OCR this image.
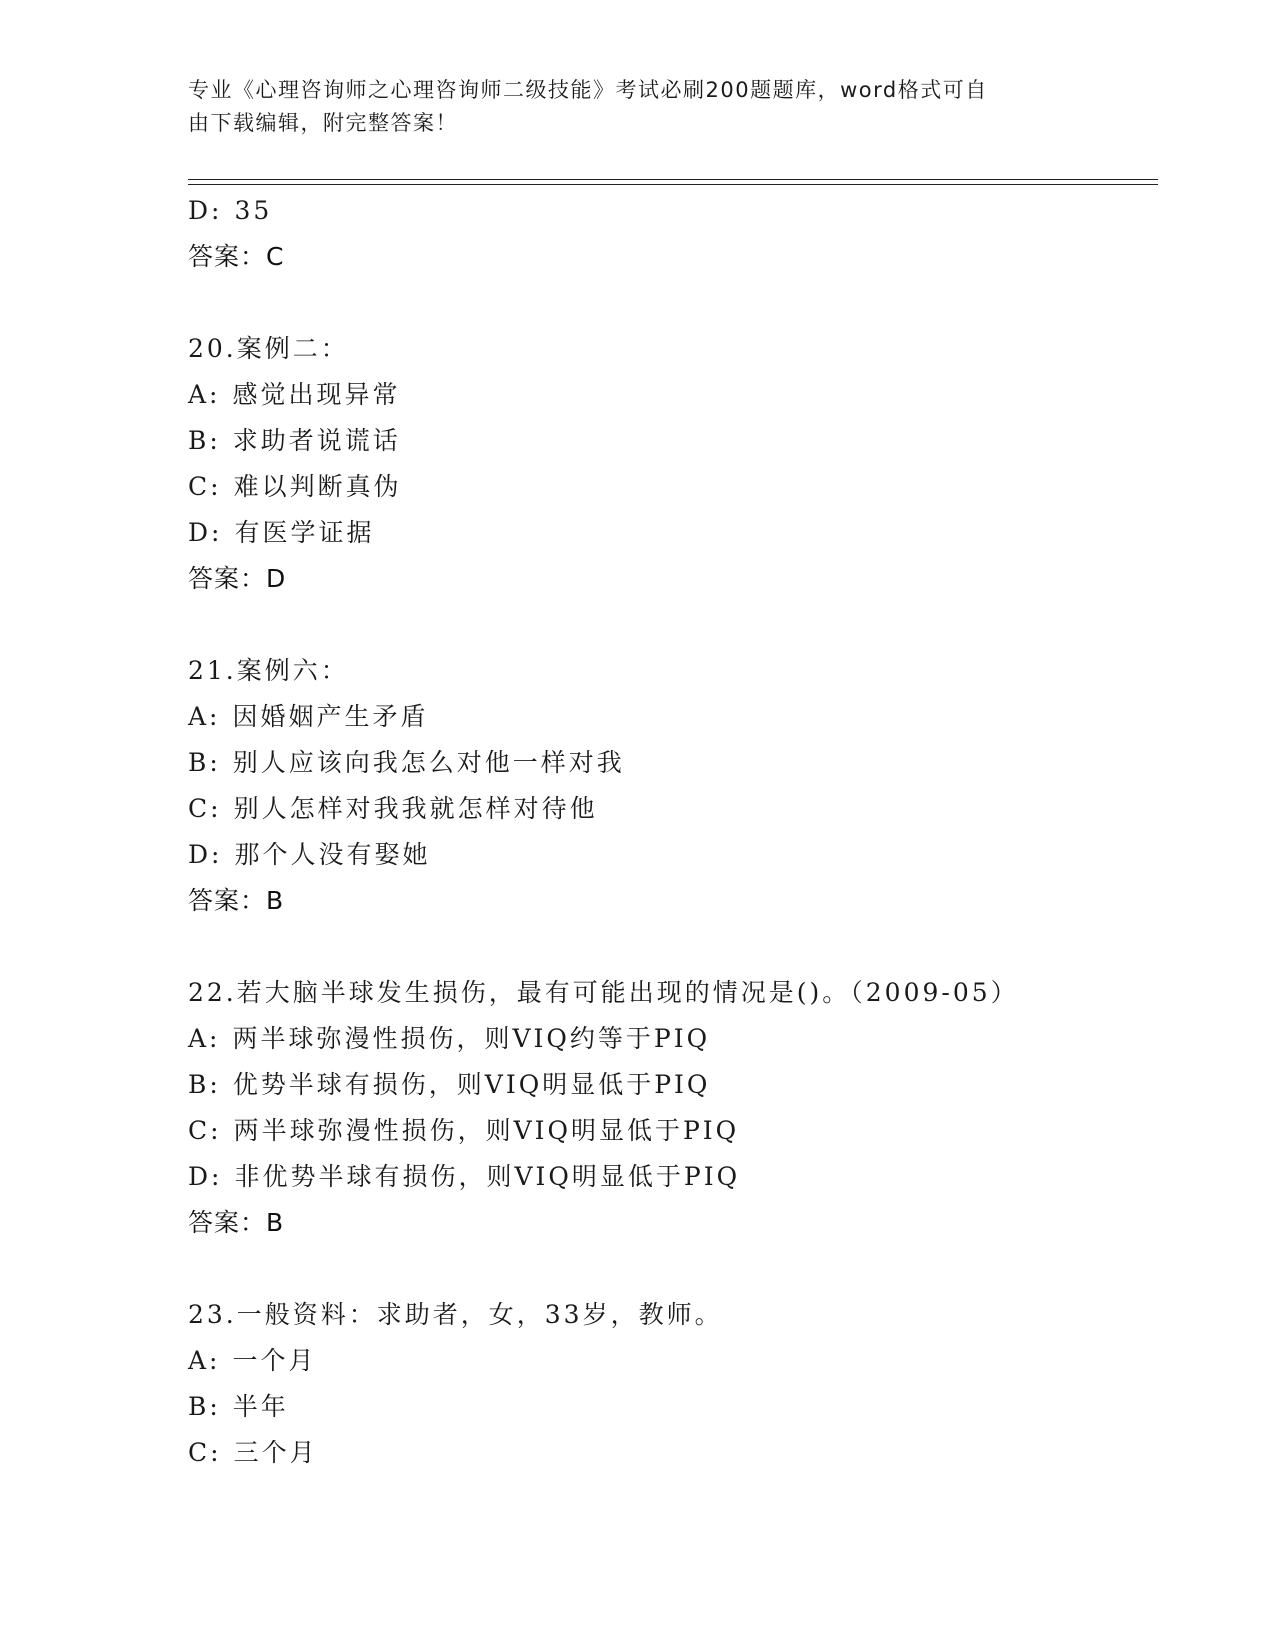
专业《心理咨询师之心理咨询师二级技能》考试必刷200题题库，word格式可自
由下载编辑，附完整答案！
D: 35
答案：C
20.案例二：
A: 感觉出现异常
B: 求助者说谎话
C: 难以判断真伪
D: 有医学证据
答案：D
21.案例六：
A: 因婚姻产生矛盾
B: 别人应该向我怎么对他一样对我
C: 别人怎样对我我就怎样对待他
D: 那个人没有娶她
答案：B
22.若大脑半球发生损伤，最有可能出现的情况是()。（2009-05）
A: 两半球弥漫性损伤，则VIQ约等于PIQ
B: 优势半球有损伤，则VIQ明显低于PIQ
C: 两半球弥漫性损伤，则VIQ明显低于PIQ
D: 非优势半球有损伤，则VIQ明显低于PIQ
答案：B
23.一般资料：求助者，女，33岁，教师。
A: 一个月
B: 半年
C: 三个月
